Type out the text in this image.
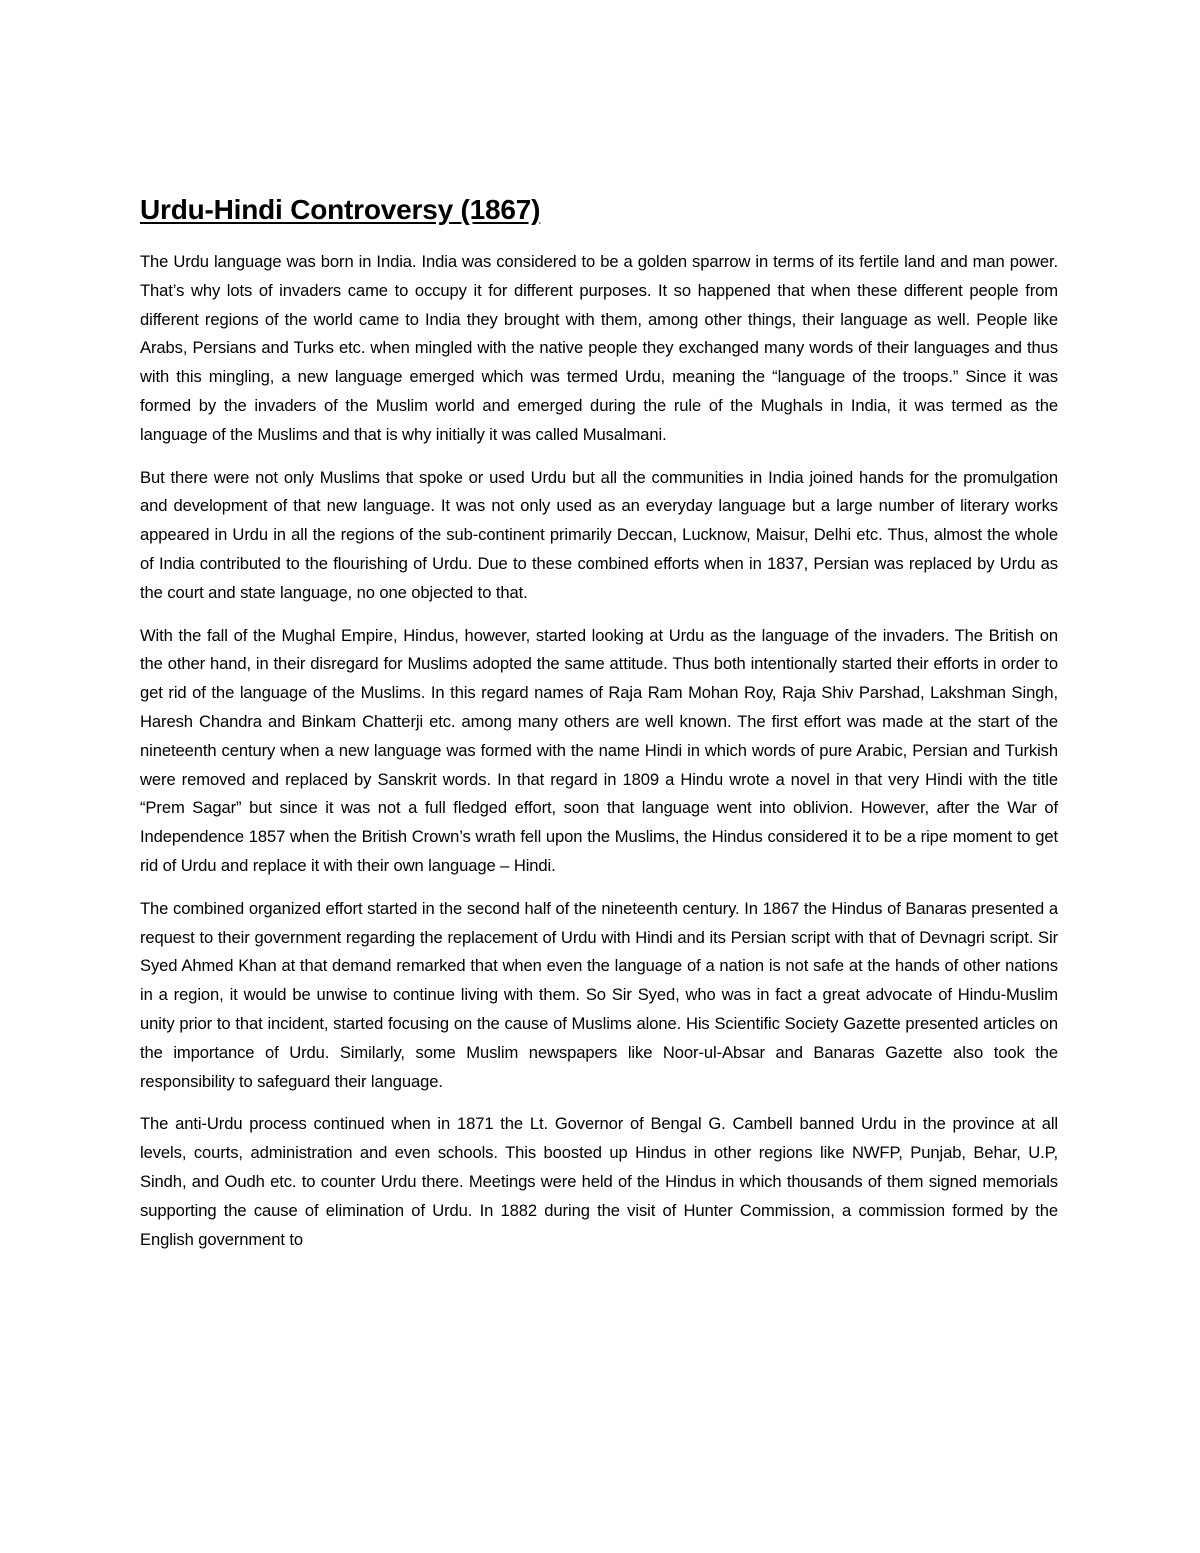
Urdu-Hindi Controversy (1867)

The Urdu language was born in India. India was considered to be a golden sparrow in terms of its fertile land and man power. That’s why lots of invaders came to occupy it for different purposes. It so happened that when these different people from different regions of the world came to India they brought with them, among other things, their language as well. People like Arabs, Persians and Turks etc. when mingled with the native people they exchanged many words of their languages and thus with this mingling, a new language emerged which was termed Urdu, meaning the “language of the troops.” Since it was formed by the invaders of the Muslim world and emerged during the rule of the Mughals in India, it was termed as the language of the Muslims and that is why initially it was called Musalmani.

But there were not only Muslims that spoke or used Urdu but all the communities in India joined hands for the promulgation and development of that new language. It was not only used as an everyday language but a large number of literary works appeared in Urdu in all the regions of the sub-continent primarily Deccan, Lucknow, Maisur, Delhi etc. Thus, almost the whole of India contributed to the flourishing of Urdu. Due to these combined efforts when in 1837, Persian was replaced by Urdu as the court and state language, no one objected to that.

With the fall of the Mughal Empire, Hindus, however, started looking at Urdu as the language of the invaders. The British on the other hand, in their disregard for Muslims adopted the same attitude. Thus both intentionally started their efforts in order to get rid of the language of the Muslims. In this regard names of Raja Ram Mohan Roy, Raja Shiv Parshad, Lakshman Singh, Haresh Chandra and Binkam Chatterji etc. among many others are well known. The first effort was made at the start of the nineteenth century when a new language was formed with the name Hindi in which words of pure Arabic, Persian and Turkish were removed and replaced by Sanskrit words. In that regard in 1809 a Hindu wrote a novel in that very Hindi with the title “Prem Sagar” but since it was not a full fledged effort, soon that language went into oblivion. However, after the War of Independence 1857 when the British Crown’s wrath fell upon the Muslims, the Hindus considered it to be a ripe moment to get rid of Urdu and replace it with their own language – Hindi.

The combined organized effort started in the second half of the nineteenth century. In 1867 the Hindus of Banaras presented a request to their government regarding the replacement of Urdu with Hindi and its Persian script with that of Devnagri script. Sir Syed Ahmed Khan at that demand remarked that when even the language of a nation is not safe at the hands of other nations in a region, it would be unwise to continue living with them. So Sir Syed, who was in fact a great advocate of Hindu-Muslim unity prior to that incident, started focusing on the cause of Muslims alone. His Scientific Society Gazette presented articles on the importance of Urdu. Similarly, some Muslim newspapers like Noor-ul-Absar and Banaras Gazette also took the responsibility to safeguard their language.

The anti-Urdu process continued when in 1871 the Lt. Governor of Bengal G. Cambell banned Urdu in the province at all levels, courts, administration and even schools. This boosted up Hindus in other regions like NWFP, Punjab, Behar, U.P, Sindh, and Oudh etc. to counter Urdu there. Meetings were held of the Hindus in which thousands of them signed memorials supporting the cause of elimination of Urdu. In 1882 during the visit of Hunter Commission, a commission formed by the English government to
